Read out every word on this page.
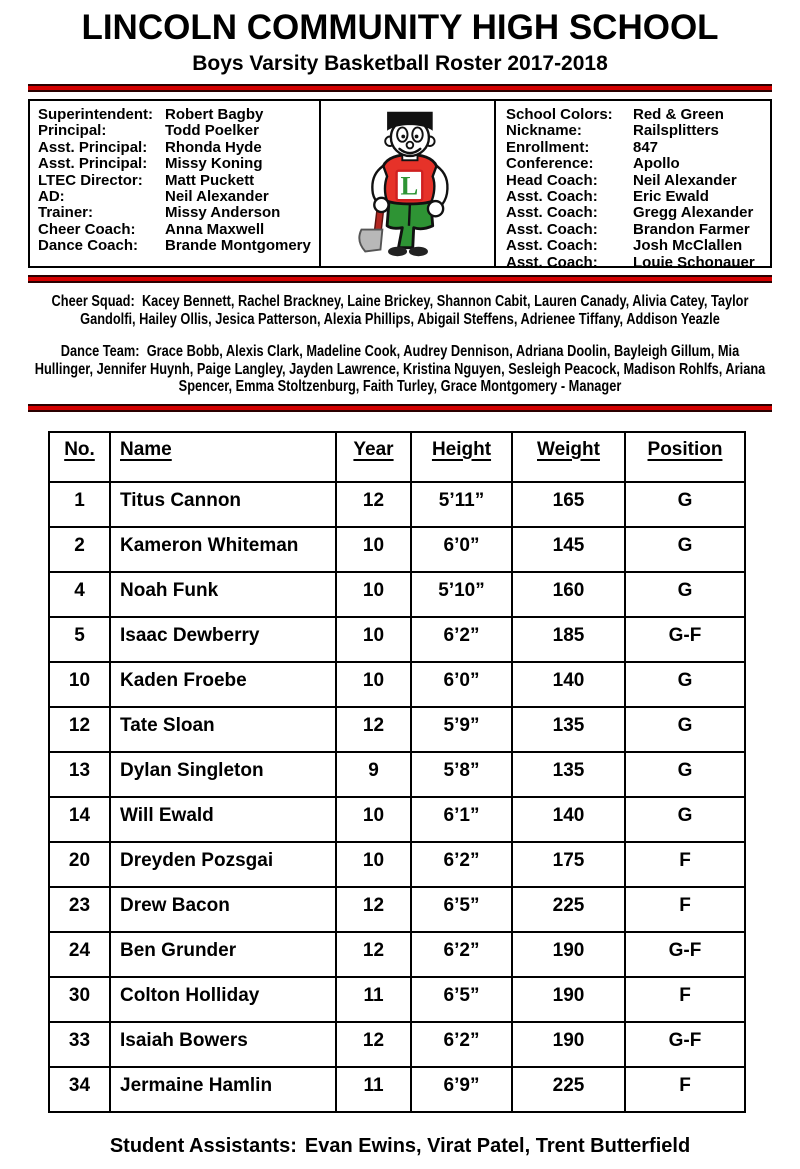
LINCOLN COMMUNITY HIGH SCHOOL
Boys Varsity Basketball Roster 2017-2018
Superintendent: Robert Bagby
Principal:	Todd Poelker
Asst. Principal:	Rhonda Hyde
Asst. Principal:	Missy Koning
LTEC Director:	Matt Puckett
AD:	Neil Alexander
Trainer:	Missy Anderson
Cheer Coach:	Anna Maxwell
Dance Coach:	Brande Montgomery
L
School Colors:	Red & Green
Nickname:	Railsplitters
Enrollment:	847
Conference:	Apollo
Head Coach:	Neil Alexander
Asst. Coach:	Eric Ewald
Asst. Coach:	Gregg Alexander
Asst. Coach:	Brandon Farmer
Asst. Coach:	Josh McClallen
Asst. Coach:	Louie Schonauer
Cheer Squad: Kacey Bennett, Rachel Brackney, Laine Brickey, Shannon Cabit, Lauren Canady, Alivia Catey, Taylor Gandolfi, Hailey Ollis, Jesica Patterson, Alexia Phillips, Abigail Steffens, Adrienee Tiffany, Addison Yeazle
Dance Team: Grace Bobb, Alexis Clark, Madeline Cook, Audrey Dennison, Adriana Doolin, Bayleigh Gillum, Mia Hullinger, Jennifer Huynh, Paige Langley, Jayden Lawrence, Kristina Nguyen, Sesleigh Peacock, Madison Rohlfs, Ariana Spencer, Emma Stoltzenburg, Faith Turley, Grace Montgomery - Manager
No.	Name	Year	Height	Weight	Position
1	Titus Cannon	12	5’11”	165	G
2	Kameron Whiteman	10	6’0”	145	G
4	Noah Funk	10	5’10”	160	G
5	Isaac Dewberry	10	6’2”	185	G-F
10	Kaden Froebe	10	6’0”	140	G
12	Tate Sloan	12	5’9”	135	G
13	Dylan Singleton	9	5’8”	135	G
14	Will Ewald	10	6’1”	140	G
20	Dreyden Pozsgai	10	6’2”	175	F
23	Drew Bacon	12	6’5”	225	F
24	Ben Grunder	12	6’2”	190	G-F
30	Colton Holliday	11	6’5”	190	F
33	Isaiah Bowers	12	6’2”	190	G-F
34	Jermaine Hamlin	11	6’9”	225	F
Student Assistants: Evan Ewins, Virat Patel, Trent Butterfield
